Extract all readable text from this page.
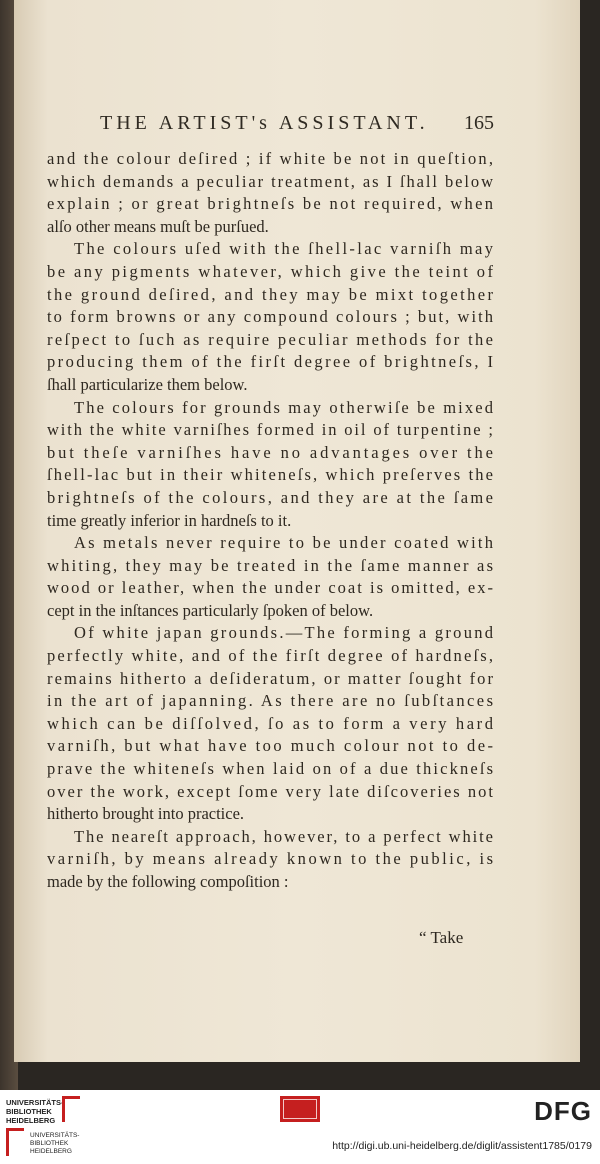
THE ARTIST's ASSISTANT. 165

and the colour deſired ; if white be not in queſtion,
which demands a peculiar treatment, as I ſhall below
explain ; or great brightneſs be not required, when
alſo other means muſt be purſued.

The colours uſed with the ſhell-lac varniſh may
be any pigments whatever, which give the teint of
the ground deſired, and they may be mixt together
to form browns or any compound colours ; but, with
reſpect to ſuch as require peculiar methods for the
producing them of the firſt degree of brightneſs, I
ſhall particularize them below.

The colours for grounds may otherwiſe be mixed
with the white varniſhes formed in oil of turpentine ;
but theſe varniſhes have no advantages over the
ſhell-lac but in their whiteneſs, which preſerves the
brightneſs of the colours, and they are at the ſame
time greatly inferior in hardneſs to it.

As metals never require to be under coated with
whiting, they may be treated in the ſame manner as
wood or leather, when the under coat is omitted, ex-
cept in the inſtances particularly ſpoken of below.

Of white japan grounds.—The forming a ground
perfectly white, and of the firſt degree of hardneſs,
remains hitherto a deſideratum, or matter ſought for
in the art of japanning. As there are no ſubſtances
which can be diſſolved, ſo as to form a very hard
varniſh, but what have too much colour not to de-
prave the whiteneſs when laid on of a due thickneſs
over the work, except ſome very late diſcoveries not
hitherto brought into practice.

The neareſt approach, however, to a perfect white
varniſh, by means already known to the public, is
made by the following compoſition :

“ Take
UNIVERSITÄTS-
BIBLIOTHEK
HEIDELBERG
UNIVERSITÄTS-
BIBLIOTHEK
HEIDELBERG
DFG
http://digi.ub.uni-heidelberg.de/diglit/assistent1785/0179
